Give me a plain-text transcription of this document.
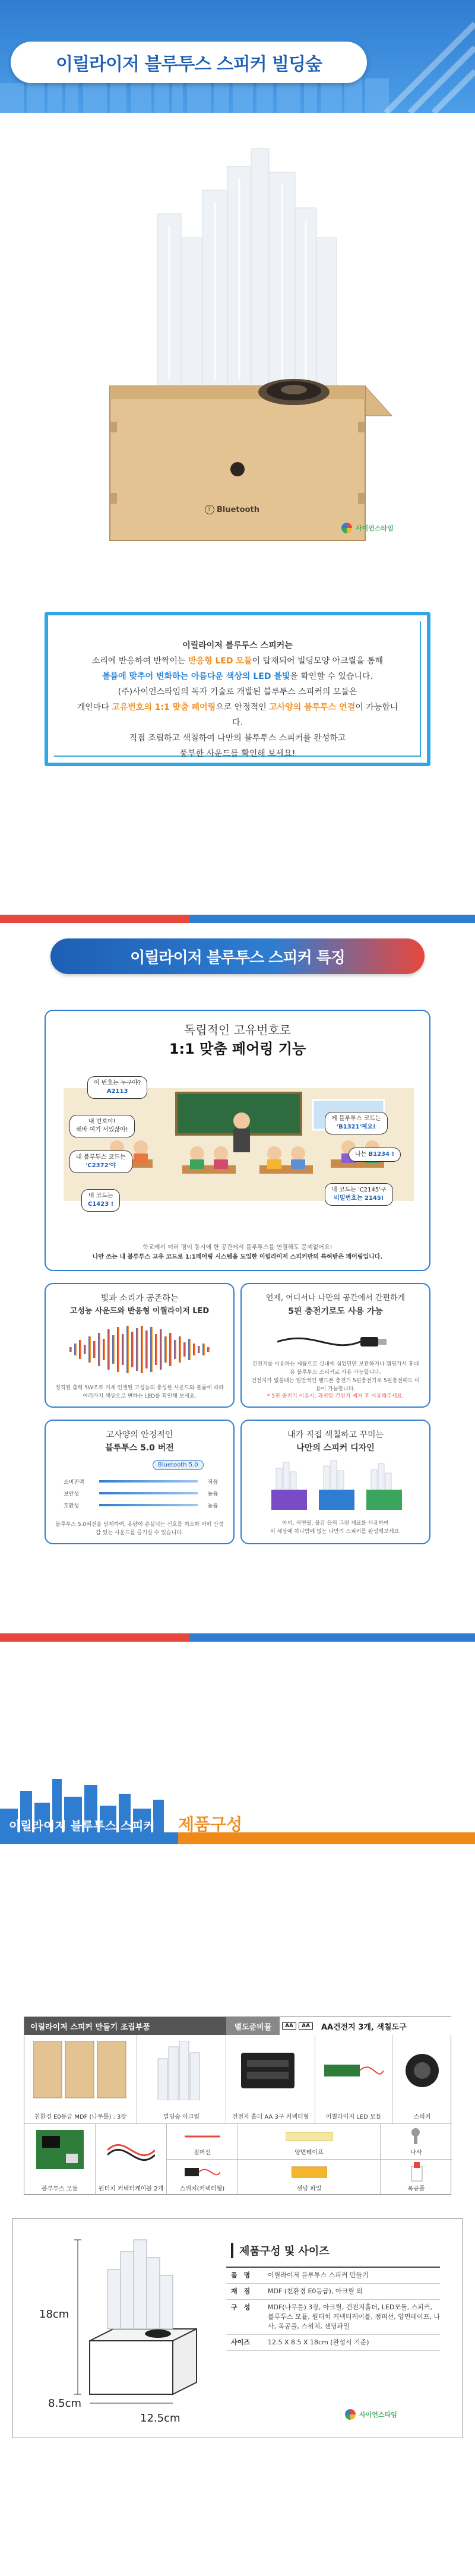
이릴라이저 블루투스 스피커 빌딩숲
ᛒ Bluetooth
사이언스타임
이릴라이저 블루투스 스피커는
소리에 반응하여 반짝이는 반응형 LED 모듈이 탑재되어 빌딩모양 아크릴을 통해
볼륨에 맞추어 변화하는 아름다운 색상의 LED 불빛을 확인할 수 있습니다.
(주)사이언스타임의 독자 기술로 개발된 블루투스 스피커의 모듈은
개인마다 고유번호의 1:1 맞춤 페어링으로 안정적인 고사양의 블루투스 연결이 가능합니다.
직접 조립하고 색칠하여 나만의 블루투스 스피커를 완성하고
풍부한 사운드를 확인해 보세요!
이릴라이저 블루투스 스피커 특징
독립적인 고유번호로
1:1 맞춤 페어링 기능
이 번호는 누구야?
A2113
내 번호야!
해바 여기 서있잖아!
내 블루투스 코드는
'C2372'야
내 코드는
C1423 !
제 블루투스 코드는
'B1321'예요!
나는 B1234 !
내 코드는 'C2145'구
비밀번호는 2145!
학교에서 여러 명이 동시에 한 공간에서 블루투스를 연결해도 문제없어요!
나만 쓰는 내 블루투스 고유 코드로 1:1페어링 시스템을 도입한 이릴라이저 스피커만의 특허받은 페어링입니다.
빛과 소리가 공존하는
고성능 사운드와 반응형 이퀄라이저 LED
정격된 출력 5W조로 거게 인생된 고성능의 충성한 사운드와 볼륨에 따라 여러가지 색상으로 변하는 LED를 확인해 보세요.
언제, 어디서나 나만의 공간에서 간편하게
5핀 충전기로도 사용 가능
건전지를 이용하는 제품으로 실내에 심었던만 보관하거나 캠핑가서 휴대용 블루투스 스피커로 사용 가능합니다.
건전지가 없을때는 일반적인 핸드폰 충전기 5핀충전기로 5핀충전해도 이용이 가능합니다.
* 5핀 충전기 이용시, 과전압 건전지 제거 후 이용해주세요.
고사양의 안정적인
블루투스 5.0 버전
Bluetooth 5.0
소비전력	적음
보안성	높음
호환성	높음
블루투스 5.0버전을 탑재하여, 용량이 손실되는 신호를 최소화 어떠 안정감 있는 사운드를 즐기실 수 있습니다.
내가 직접 색칠하고 꾸미는
나만의 스피커 디자인
아이, 색연필, 물감 등의 그림 재료를 사용하여
이 세상에 하나밖에 없는 나만의 스피커를 완성해보세요.
이릴라이저 블루투스 스피커 제품구성
이릴라이저 스피커 만들기 조립부품	별도준비물	AA	AA	AA건전지 3개, 색칠도구
친환경 E0등급 MDF (나무틀) : 3장	빌딩숲 아크릴	건전지 홀더 AA 3구 커넥터형	이퀄라이저 LED 모듈	스피커
블루투스 모듈	원터치 커넥터케이블 2개
점퍼선	양면테이프	나사
스위치(커넥터형)	샌딩 파일	목공풀
18cm
8.5cm
12.5cm
제품구성 및 사이즈
품　명	이릴라이저 블루투스 스피커 만들기
재　질	MDF (친환경 E0등급), 아크릴 외
구　성	MDF(나무틀) 3장, 아크릴, 건전지홀더, LED모듈, 스피커, 블루투스 모듈, 원터치 커넥터케이블, 점퍼선, 양면테이프, 나사, 목공풀, 스위치, 샌딩파일
사이즈	12.5 X 8.5 X 18cm (완성시 기준)
사이언스타임
